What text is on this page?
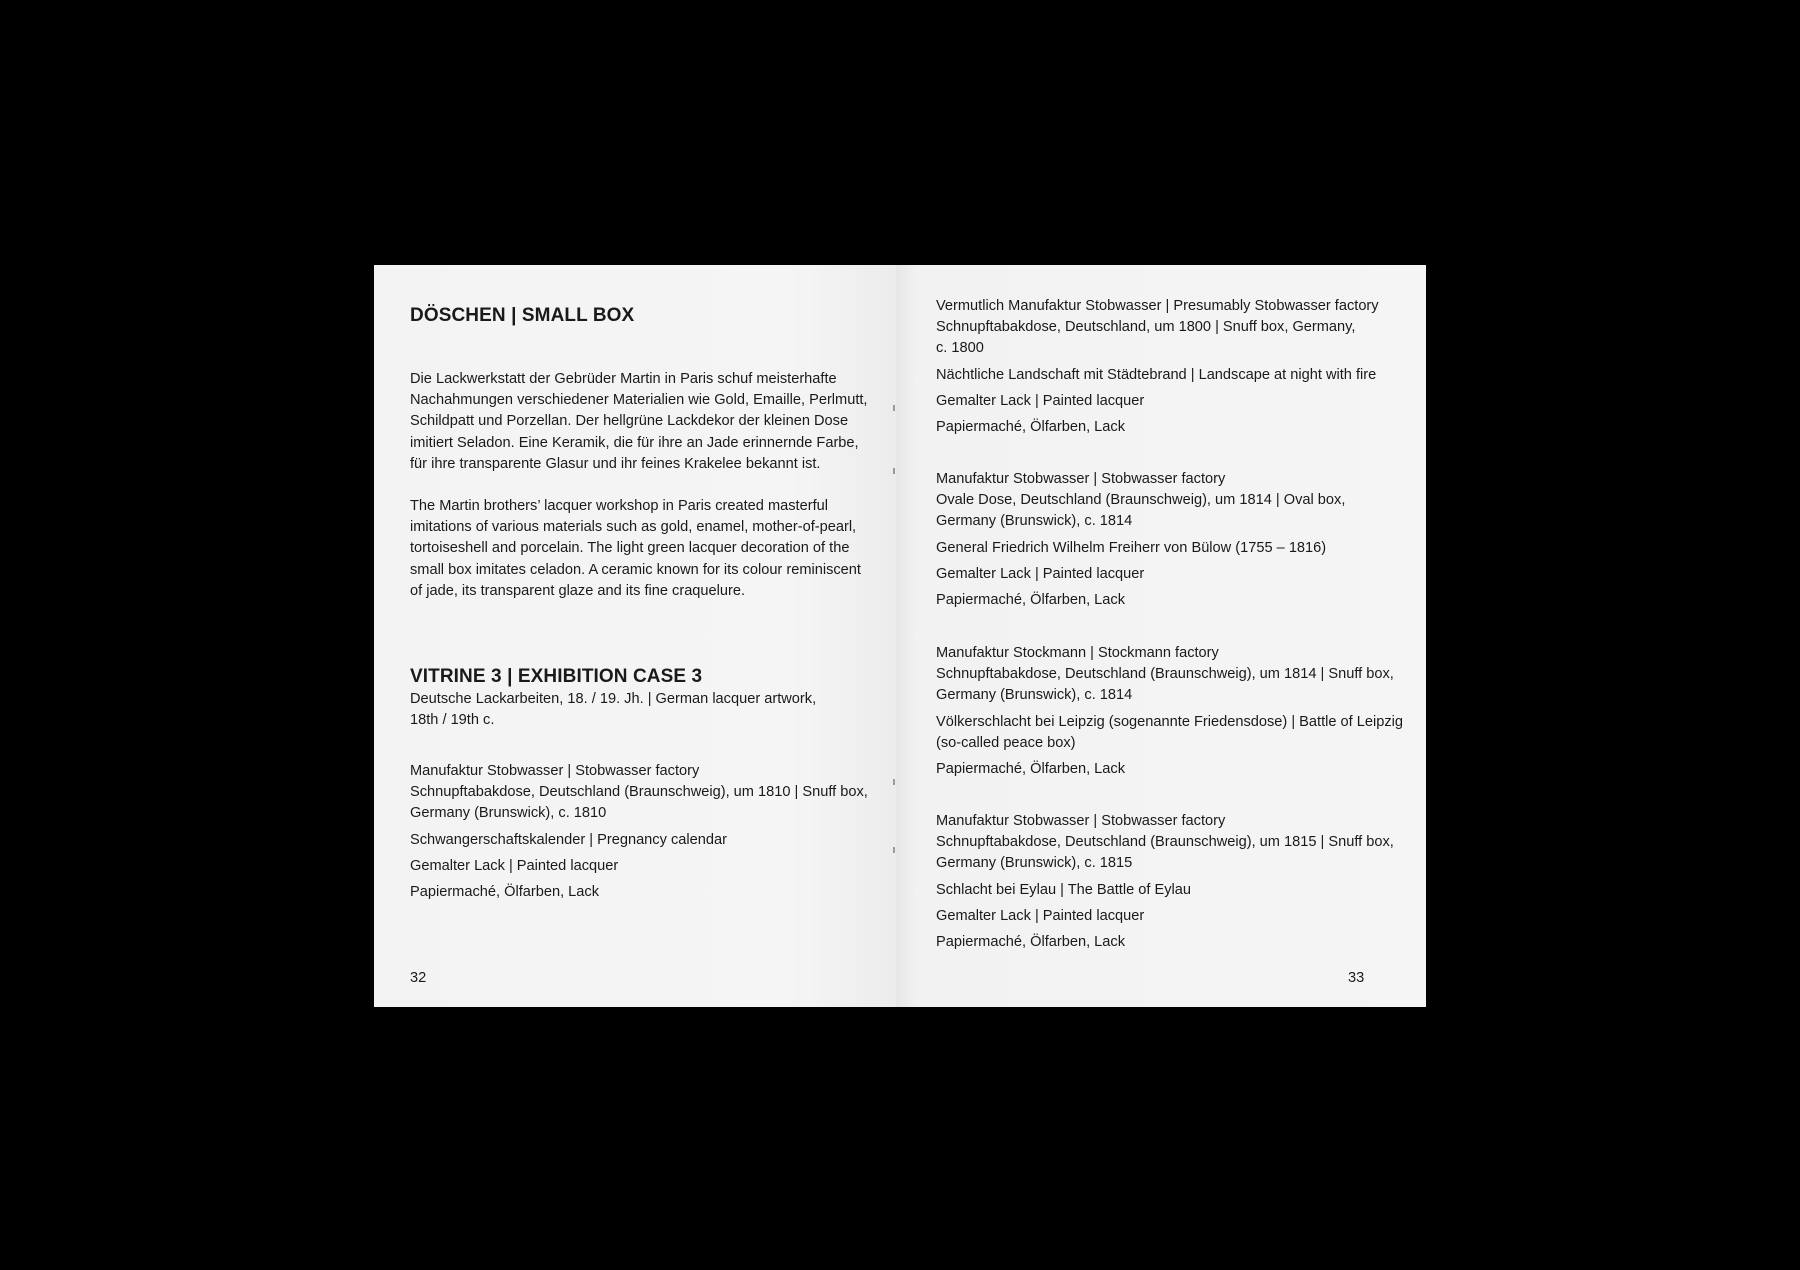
DÖSCHEN | SMALL BOX

Die Lackwerkstatt der Gebrüder Martin in Paris schuf meisterhafte

Nachahmungen verschiedener Materialien wie Gold, Emaille, Perlmutt,

Schildpatt und Porzellan. Der hellgrüne Lackdekor der kleinen Dose

imitiert Seladon. Eine Keramik, die für ihre an Jade erinnernde Farbe,

für ihre transparente Glasur und ihr feines Krakelee bekannt ist.

The Martin brothers’ lacquer workshop in Paris created masterful

imitations of various materials such as gold, enamel, mother-of-pearl,

tortoiseshell and porcelain. The light green lacquer decoration of the

small box imitates celadon. A ceramic known for its colour reminiscent

of jade, its transparent glaze and its fine craquelure.

VITRINE 3 | EXHIBITION CASE 3

Deutsche Lackarbeiten, 18. / 19. Jh. | German lacquer artwork,

18th / 19th c.

Manufaktur Stobwasser | Stobwasser factory

Schnupftabakdose, Deutschland (Braunschweig), um 1810 | Snuff box,

Germany (Brunswick), c. 1810

Schwangerschaftskalender | Pregnancy calendar

Gemalter Lack | Painted lacquer

Papiermaché, Ölfarben, Lack

32

Vermutlich Manufaktur Stobwasser | Presumably Stobwasser factory

Schnupftabakdose, Deutschland, um 1800 | Snuff box, Germany,

c. 1800

Nächtliche Landschaft mit Städtebrand | Landscape at night with fire

Gemalter Lack | Painted lacquer

Papiermaché, Ölfarben, Lack

Manufaktur Stobwasser | Stobwasser factory

Ovale Dose, Deutschland (Braunschweig), um 1814 | Oval box,

Germany (Brunswick), c. 1814

General Friedrich Wilhelm Freiherr von Bülow (1755 – 1816)

Gemalter Lack | Painted lacquer

Papiermaché, Ölfarben, Lack

Manufaktur Stockmann | Stockmann factory

Schnupftabakdose, Deutschland (Braunschweig), um 1814 | Snuff box,

Germany (Brunswick), c. 1814

Völkerschlacht bei Leipzig (sogenannte Friedensdose) | Battle of Leipzig

(so-called peace box)

Papiermaché, Ölfarben, Lack

Manufaktur Stobwasser | Stobwasser factory

Schnupftabakdose, Deutschland (Braunschweig), um 1815 | Snuff box,

Germany (Brunswick), c. 1815

Schlacht bei Eylau | The Battle of Eylau

Gemalter Lack | Painted lacquer

Papiermaché, Ölfarben, Lack

33
